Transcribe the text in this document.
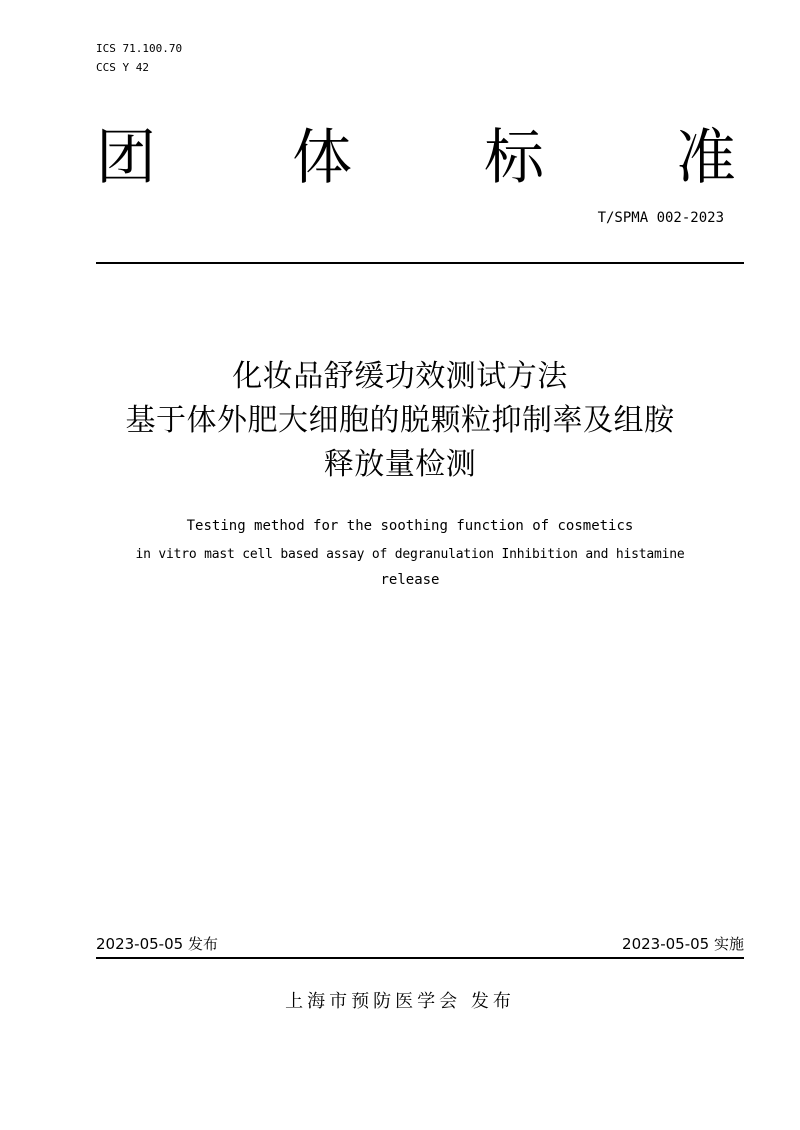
ICS 71.100.70
CCS Y 42
团 体 标 准
T/SPMA 002-2023
化妆品舒缓功效测试方法
基于体外肥大细胞的脱颗粒抑制率及组胺
释放量检测
Testing method for the soothing function of cosmetics
in vitro mast cell based assay of degranulation Inhibition and histamine
release
2023-05-05 发布	2023-05-05 实施
上海市预防医学会 发布
